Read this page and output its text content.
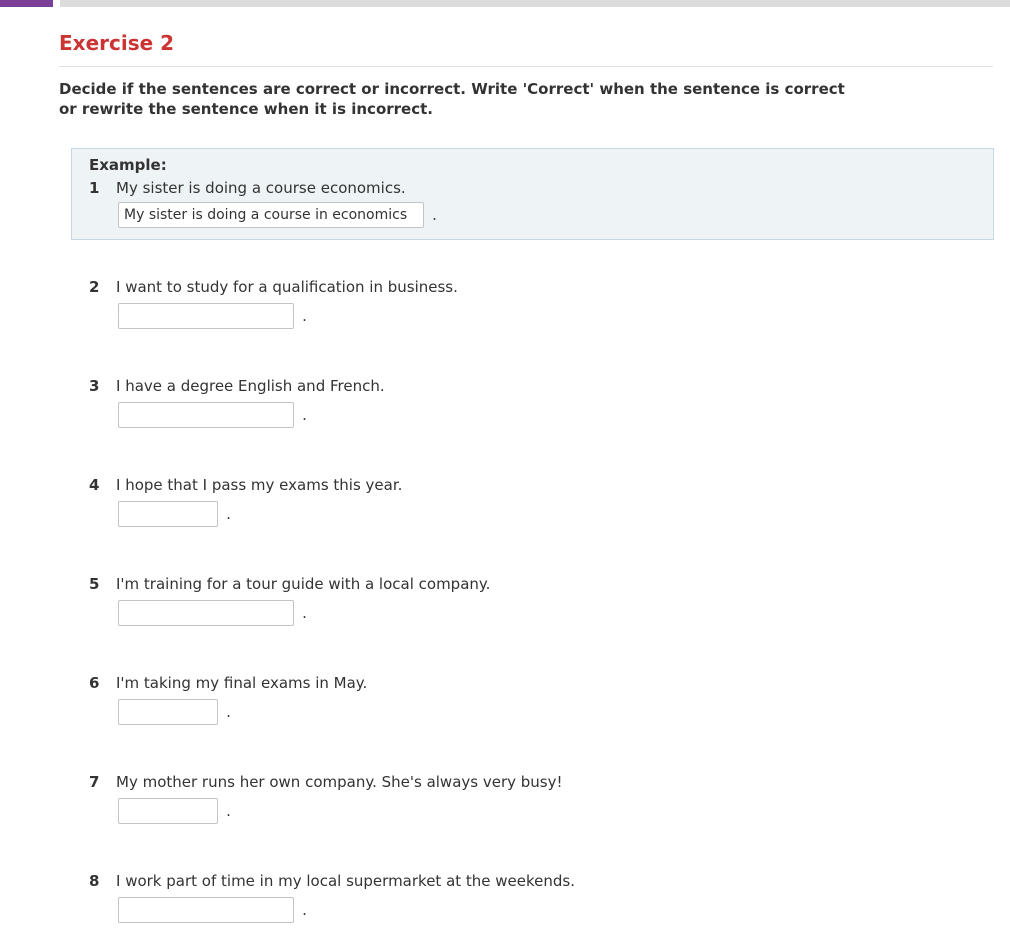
Exercise 2

Decide if the sentences are correct or incorrect. Write 'Correct' when the sentence is correct or rewrite the sentence when it is incorrect.

Example:
1 My sister is doing a course economics.
My sister is doing a course in economics .
2 I want to study for a qualification in business.
.
3 I have a degree English and French.
.
4 I hope that I pass my exams this year.
.
5 I'm training for a tour guide with a local company.
.
6 I'm taking my final exams in May.
.
7 My mother runs her own company. She's always very busy!
.
8 I work part of time in my local supermarket at the weekends.
.
